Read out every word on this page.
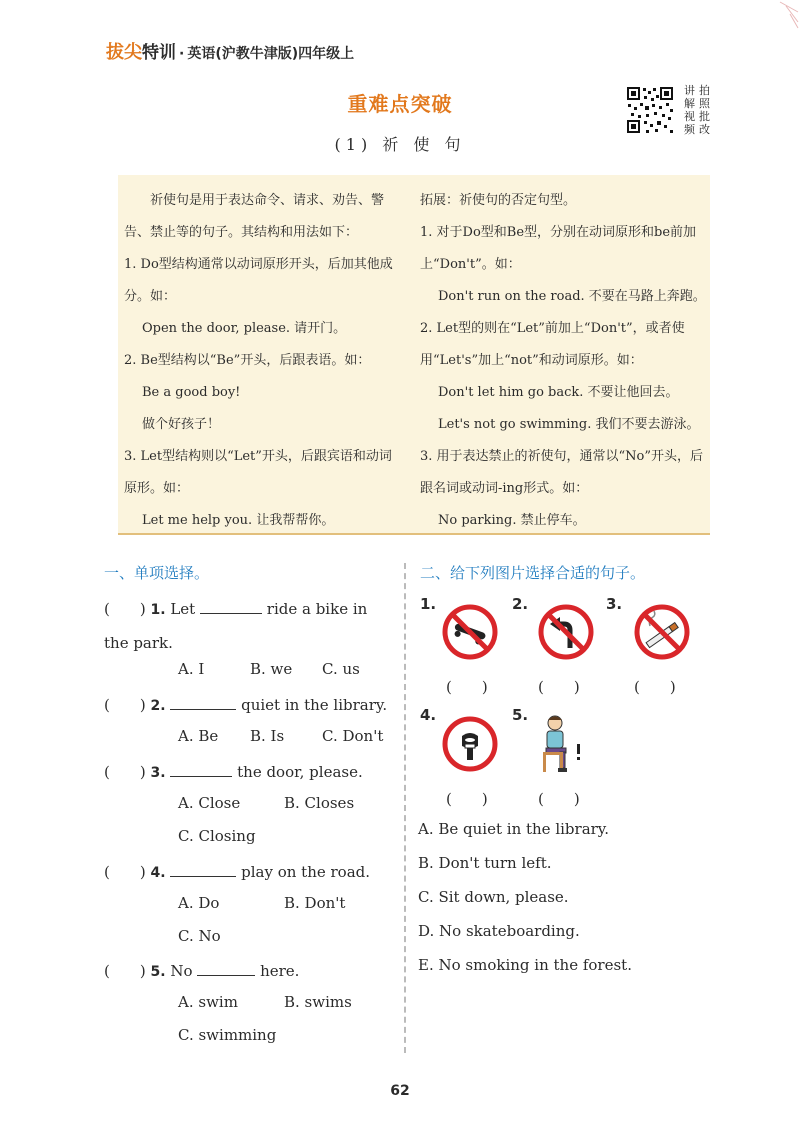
拔尖特训 · 英语(沪教牛津版)四年级上
重难点突破
(1) 祈 使 句
讲 拍
解 照
视 批
频 改

祈使句是用于表达命令、请求、劝告、警告、禁止等的句子。其结构和用法如下：

1. Do型结构通常以动词原形开头，后加其他成分。如：

Open the door, please. 请开门。

2. Be型结构以“Be”开头，后跟表语。如：

Be a good boy!

做个好孩子！

3. Let型结构则以“Let”开头，后跟宾语和动词原形。如：

Let me help you. 让我帮帮你。

拓展：祈使句的否定句型。

1. 对于Do型和Be型，分别在动词原形和be前加上“Don't”。如：

Don't run on the road. 不要在马路上奔跑。

2. Let型的则在“Let”前加上“Don't”，或者使用“Let's”加上“not”和动词原形。如：

Don't let him go back. 不要让他回去。

Let's not go swimming. 我们不要去游泳。

3. 用于表达禁止的祈使句，通常以“No”开头，后跟名词或动词-ing形式。如：

No parking. 禁止停车。

一、单项选择。
(　　) 1. Let	ride a bike in the park.
A. I	B. we C. us
(　　) 2.	quiet in the library.
A. Be B. Is	C. Don't
(　　) 3.	the door, please.
A. Close	B. Closes
C. Closing
(　　) 4.	play on the road.
A. Do	B. Don't
C. No
(　　) 5. No	here.
A. swim	B. swims
C. swimming
二、给下列图片选择合适的句子。
1.	2.	3.
4.	5.
(　　)	(　　)	(　　)
(　　)	(　　)
A. Be quiet in the library.
B. Don't turn left.
C. Sit down, please.
D. No skateboarding.
E. No smoking in the forest.
62
